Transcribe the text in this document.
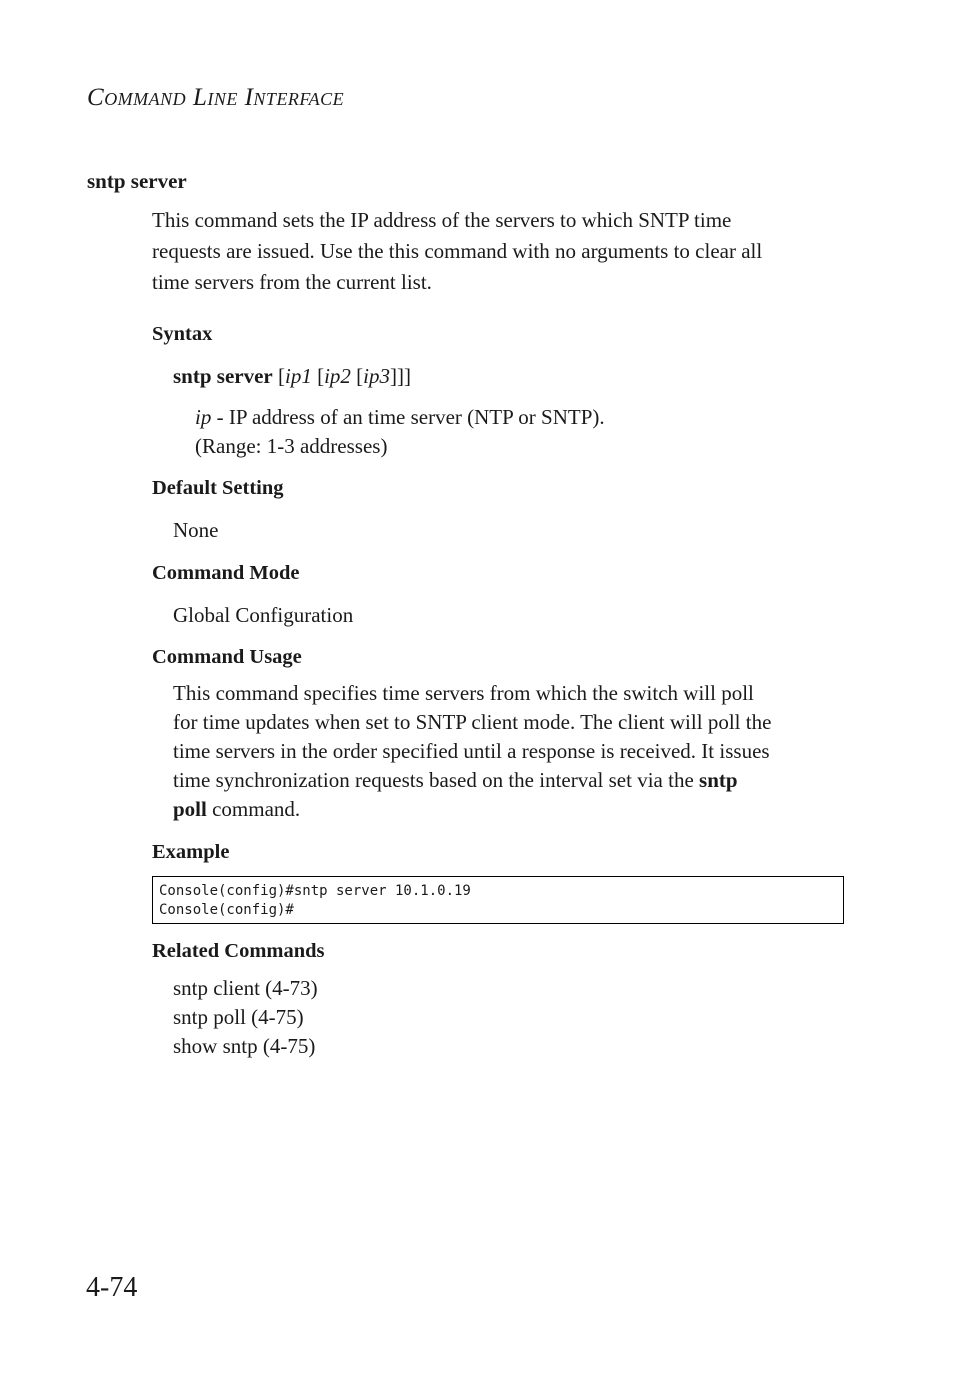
COMMAND LINE INTERFACE
sntp server
This command sets the IP address of the servers to which SNTP time
requests are issued. Use the this command with no arguments to clear all
time servers from the current list.
Syntax
sntp server [ip1 [ip2 [ip3]]]
ip - IP address of an time server (NTP or SNTP).
(Range: 1-3 addresses)
Default Setting
None
Command Mode
Global Configuration
Command Usage
This command specifies time servers from which the switch will poll
for time updates when set to SNTP client mode. The client will poll the
time servers in the order specified until a response is received. It issues
time synchronization requests based on the interval set via the sntp
poll command.
Example
Console(config)#sntp server 10.1.0.19
Console(config)#
Related Commands
sntp client (4-73)
sntp poll (4-75)
show sntp (4-75)
4-74
